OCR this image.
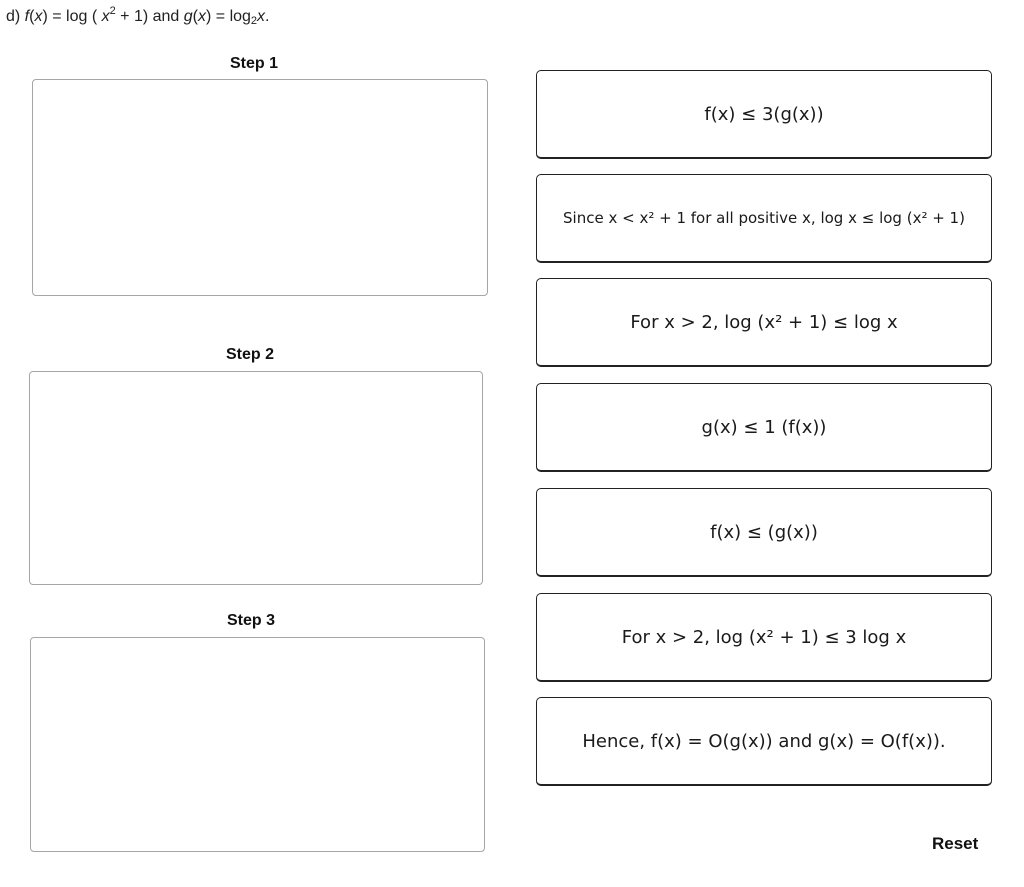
d) f(x) = log ( $x^2 + 1$) and $g(x) = \log_2x$.
Step 1
Step 2
Step 3
f(x) ≤ 3(g(x))
Since x < x² + 1 for all positive x, log x ≤ log (x² + 1)
For x > 2, log (x² + 1) ≤ log x
g(x) ≤ 1 (f(x))
f(x) ≤ (g(x))
For x > 2, log (x² + 1) ≤ 3 log x
Hence, f(x) = O(g(x)) and g(x) = O(f(x)).
Reset
